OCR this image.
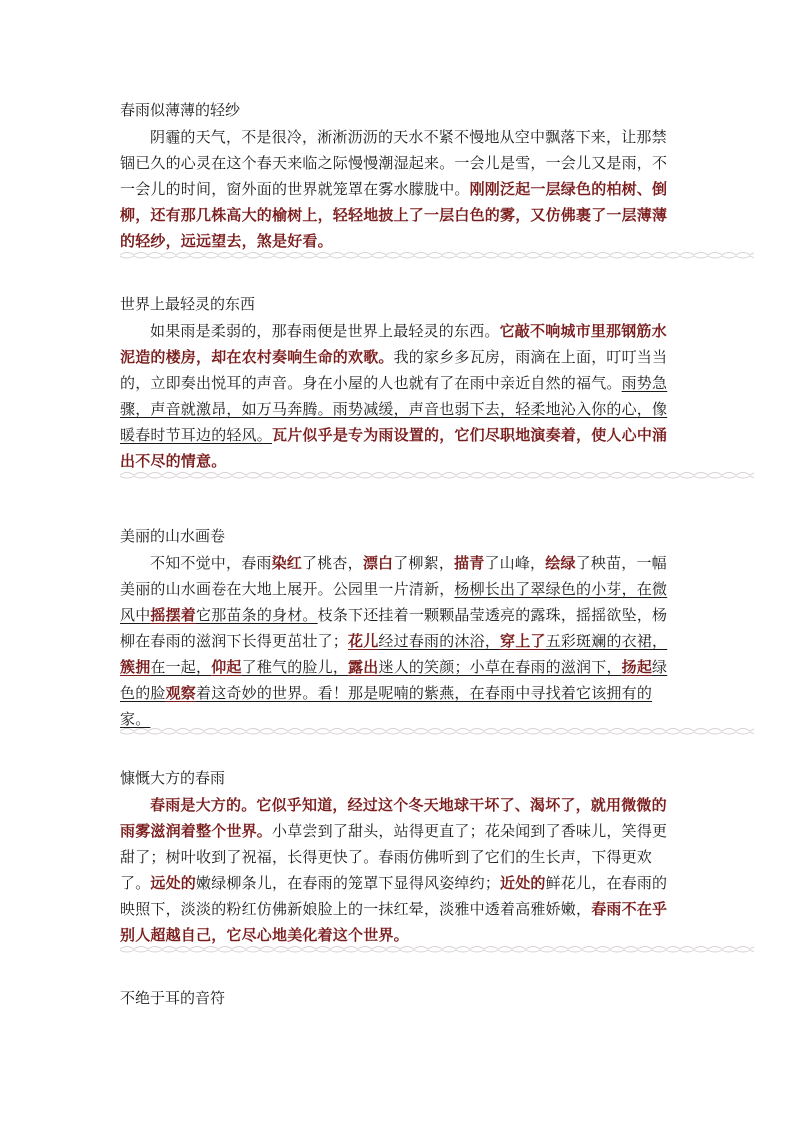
春雨似薄薄的轻纱

阴霾的天气，不是很冷，淅淅沥沥的天水不紧不慢地从空中飘落下来，让那禁锢已久的心灵在这个春天来临之际慢慢潮湿起来。一会儿是雪，一会儿又是雨，不一会儿的时间，窗外面的世界就笼罩在雾水朦胧中。刚刚泛起一层绿色的柏树、倒柳，还有那几株高大的榆树上，轻轻地披上了一层白色的雾，又仿佛裹了一层薄薄的轻纱，远远望去，煞是好看。

世界上最轻灵的东西

如果雨是柔弱的，那春雨便是世界上最轻灵的东西。它敲不响城市里那钢筋水泥造的楼房，却在农村奏响生命的欢歌。我的家乡多瓦房，雨滴在上面，叮叮当当的，立即奏出悦耳的声音。身在小屋的人也就有了在雨中亲近自然的福气。雨势急骤，声音就激昂，如万马奔腾。雨势减缓，声音也弱下去，轻柔地沁入你的心，像暖春时节耳边的轻风。瓦片似乎是专为雨设置的，它们尽职地演奏着，使人心中涌出不尽的情意。

美丽的山水画卷

不知不觉中，春雨染红了桃杏，漂白了柳絮，描青了山峰，绘绿了秧苗，一幅美丽的山水画卷在大地上展开。公园里一片清新，杨柳长出了翠绿色的小芽，在微风中摇摆着它那苗条的身材。枝条下还挂着一颗颗晶莹透亮的露珠，摇摇欲坠，杨柳在春雨的滋润下长得更茁壮了；花儿经过春雨的沐浴，穿上了五彩斑斓的衣裙，簇拥在一起，仰起了稚气的脸儿，露出迷人的笑颜；小草在春雨的滋润下，扬起绿色的脸观察着这奇妙的世界。看！那是呢喃的紫燕，在春雨中寻找着它该拥有的家。

慷慨大方的春雨

春雨是大方的。它似乎知道，经过这个冬天地球干坏了、渴坏了，就用微微的雨雾滋润着整个世界。小草尝到了甜头，站得更直了；花朵闻到了香味儿，笑得更甜了；树叶收到了祝福，长得更快了。春雨仿佛听到了它们的生长声，下得更欢了。远处的嫩绿柳条儿，在春雨的笼罩下显得风姿绰约；近处的鲜花儿，在春雨的映照下，淡淡的粉红仿佛新娘脸上的一抹红晕，淡雅中透着高雅娇嫩，春雨不在乎别人超越自己，它尽心地美化着这个世界。

不绝于耳的音符
